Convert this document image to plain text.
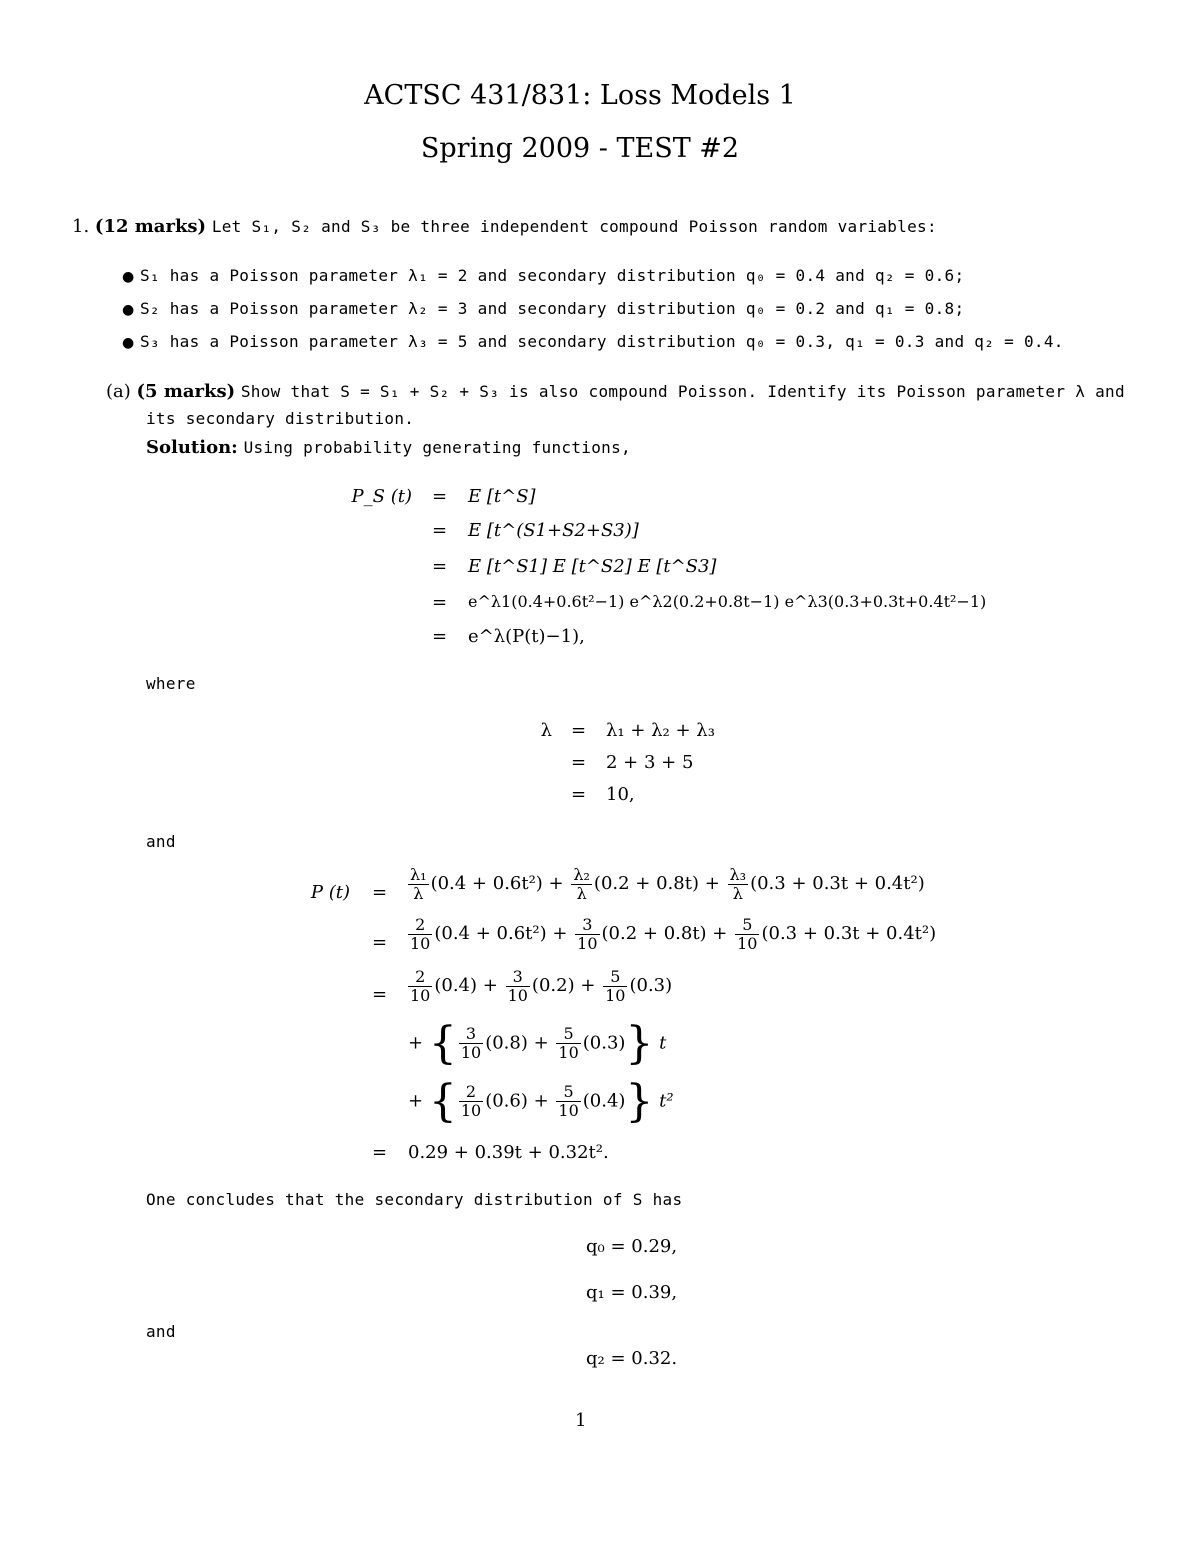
ACTSC 431/831: Loss Models 1
Spring 2009 - TEST #2
1. (12 marks) Let S₁, S₂ and S₃ be three independent compound Poisson random variables:
● S₁ has a Poisson parameter λ₁ = 2 and secondary distribution q₀ = 0.4 and q₂ = 0.6;
● S₂ has a Poisson parameter λ₂ = 3 and secondary distribution q₀ = 0.2 and q₁ = 0.8;
● S₃ has a Poisson parameter λ₃ = 5 and secondary distribution q₀ = 0.3, q₁ = 0.3 and q₂ = 0.4.
(a) (5 marks) Show that S = S₁ + S₂ + S₃ is also compound Poisson. Identify its Poisson parameter λ and
its secondary distribution.
Solution: Using probability generating functions,
P_S (t) = E [t^S]
= E [t^(S1+S2+S3)]
= E [t^S1] E [t^S2] E [t^S3]
= e^λ1(0.4+0.6t²−1) e^λ2(0.2+0.8t−1) e^λ3(0.3+0.3t+0.4t²−1)
= e^λ(P(t)−1),
where
λ = λ₁ + λ₂ + λ₃
= 2 + 3 + 5
= 10,
and
P $(t) = \frac{\text{λ₁}}{\lambda} (0.4 + 0.6t^2) + \frac{\text{λ₂}}{\lambda} (0.2 + 0.8t) + \frac{\text{λ₃}}{\lambda} (0.3 + 0.3t + 0.4t^2)$
= $\frac{2}{10} (0.4 + 0.6t^2) + \frac{3}{10} (0.2 + 0.8t) + \frac{5}{10} (0.3 + 0.3t + 0.4t^2)$
= $\frac{2}{10} (0.4) + \frac{3}{10} (0.2) + \frac{5}{10} (0.3)$
+ { $\frac{3}{10} (0.8) + \frac{5}{10} (0.3)$} t
+ { $\frac{2}{10} (0.6) + \frac{5}{10} (0.4)$} t²
= 0.29 + 0.39t + 0.32t².
One concludes that the secondary distribution of S has
q₀ = 0.29,
q₁ = 0.39,
and
q₂ = 0.32.
1
